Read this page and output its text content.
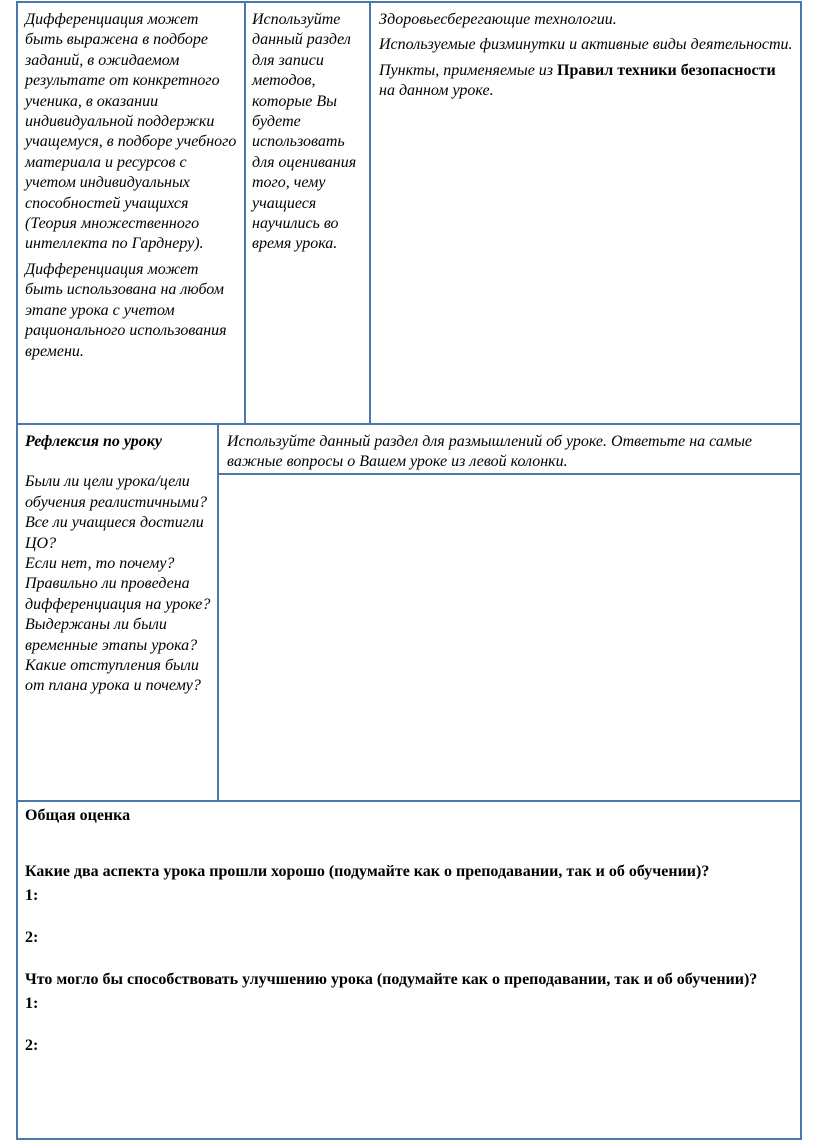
Дифференциация может быть выражена в подборе заданий, в ожидаемом результате от конкретного ученика, в оказании индивидуальной поддержки учащемуся, в подборе учебного материала и ресурсов с учетом индивидуальных способностей учащихся (Теория множественного интеллекта по Гарднеру).

Дифференциация может быть использована на любом этапе урока с учетом рационального использования времени.

Используйте данный раздел для записи методов, которые Вы будете использовать для оценивания того, чему учащиеся научились во время урока.

Здоровьесберегающие технологии.

Используемые физминутки и активные виды деятельности.

Пункты, применяемые из Правил техники безопасности на данном уроке.

Рефлексия по уроку

Были ли цели урока/цели обучения реалистичными?

Все ли учащиеся достигли ЦО?

Если нет, то почему?

Правильно ли проведена дифференциация на уроке?

Выдержаны ли были временные этапы урока?

Какие отступления были от плана урока и почему?

Используйте данный раздел для размышлений об уроке. Ответьте на самые важные вопросы о Вашем уроке из левой колонки.

Общая оценка

Какие два аспекта урока прошли хорошо (подумайте как о преподавании, так и об обучении)?

1:

2:

Что могло бы способствовать улучшению урока (подумайте как о преподавании, так и об обучении)?

1:

2:
